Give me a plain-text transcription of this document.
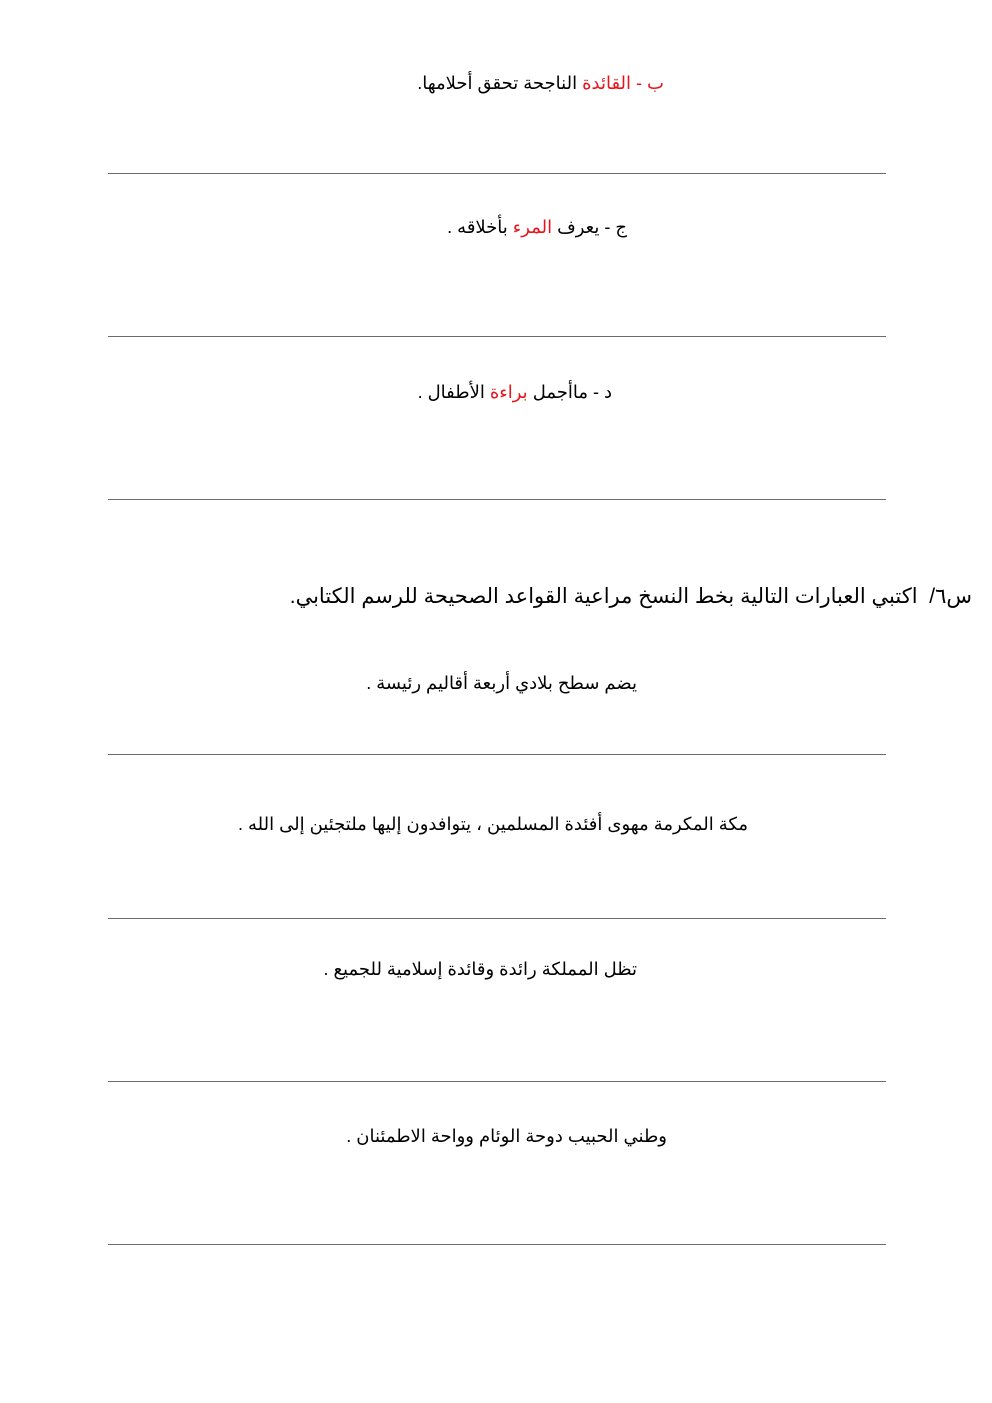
ب - القائدة الناجحة تحقق أحلامها.
ج - يعرف المرء بأخلاقه .
د - ماأجمل براءة الأطفال .
س٦/  اكتبي العبارات التالية بخط النسخ مراعية القواعد الصحيحة للرسم الكتابي.
يضم سطح بلادي أربعة أقاليم رئيسة .
مكة المكرمة مهوى أفئدة المسلمين ، يتوافدون إليها ملتجئين إلى الله .
تظل المملكة رائدة وقائدة إسلامية للجميع .
وطني الحبيب دوحة الوئام وواحة الاطمئنان .
